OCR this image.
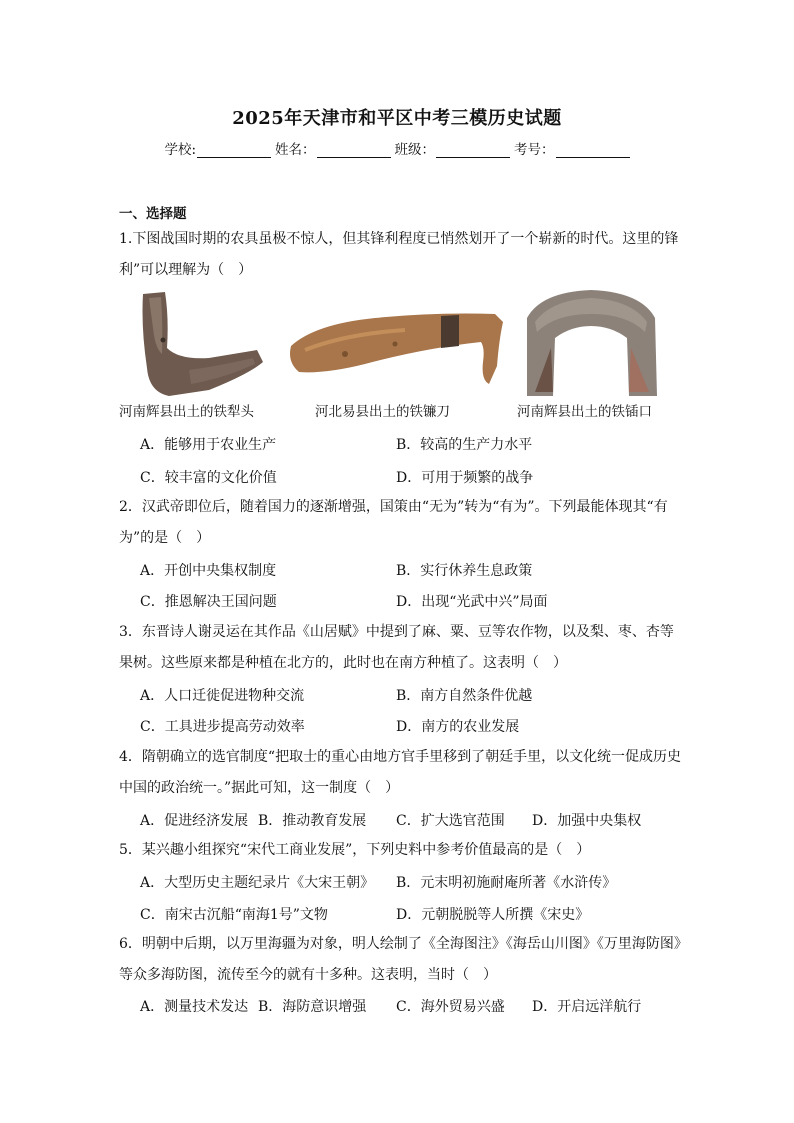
2025年天津市和平区中考三模历史试题
学校:	姓名：	班级：	考号：
一、选择题
1.下图战国时期的农具虽极不惊人，但其锋利程度已悄然划开了一个崭新的时代。这里的锋利”可以理解为（　）
河南辉县出土的铁犁头	河北易县出土的铁镰刀	河南辉县出土的铁锸口
A．能够用于农业生产	B．较高的生产力水平
C．较丰富的文化价值	D．可用于频繁的战争
2．汉武帝即位后，随着国力的逐渐增强，国策由“无为”转为“有为”。下列最能体现其“有为”的是（　）
A．开创中央集权制度	B．实行休养生息政策
C．推恩解决王国问题	D．出现“光武中兴”局面
3．东晋诗人谢灵运在其作品《山居赋》中提到了麻、粟、豆等农作物，以及梨、枣、杏等果树。这些原来都是种植在北方的，此时也在南方种植了。这表明（　）
A．人口迁徙促进物种交流	B．南方自然条件优越
C．工具进步提高劳动效率	D．南方的农业发展
4．隋朝确立的选官制度“把取士的重心由地方官手里移到了朝廷手里，以文化统一促成历史中国的政治统一。”据此可知，这一制度（　）
A．促进经济发展 B．推动教育发展 C．扩大选官范围 D．加强中央集权
5．某兴趣小组探究“宋代工商业发展”，下列史料中参考价值最高的是（　）
A．大型历史主题纪录片《大宋王朝》 B．元末明初施耐庵所著《水浒传》
C．南宋古沉船“南海1号”文物	D．元朝脱脱等人所撰《宋史》
6．明朝中后期，以万里海疆为对象，明人绘制了《全海图注》《海岳山川图》《万里海防图》等众多海防图，流传至今的就有十多种。这表明，当时（　）
A．测量技术发达 B．海防意识增强 C．海外贸易兴盛 D．开启远洋航行
